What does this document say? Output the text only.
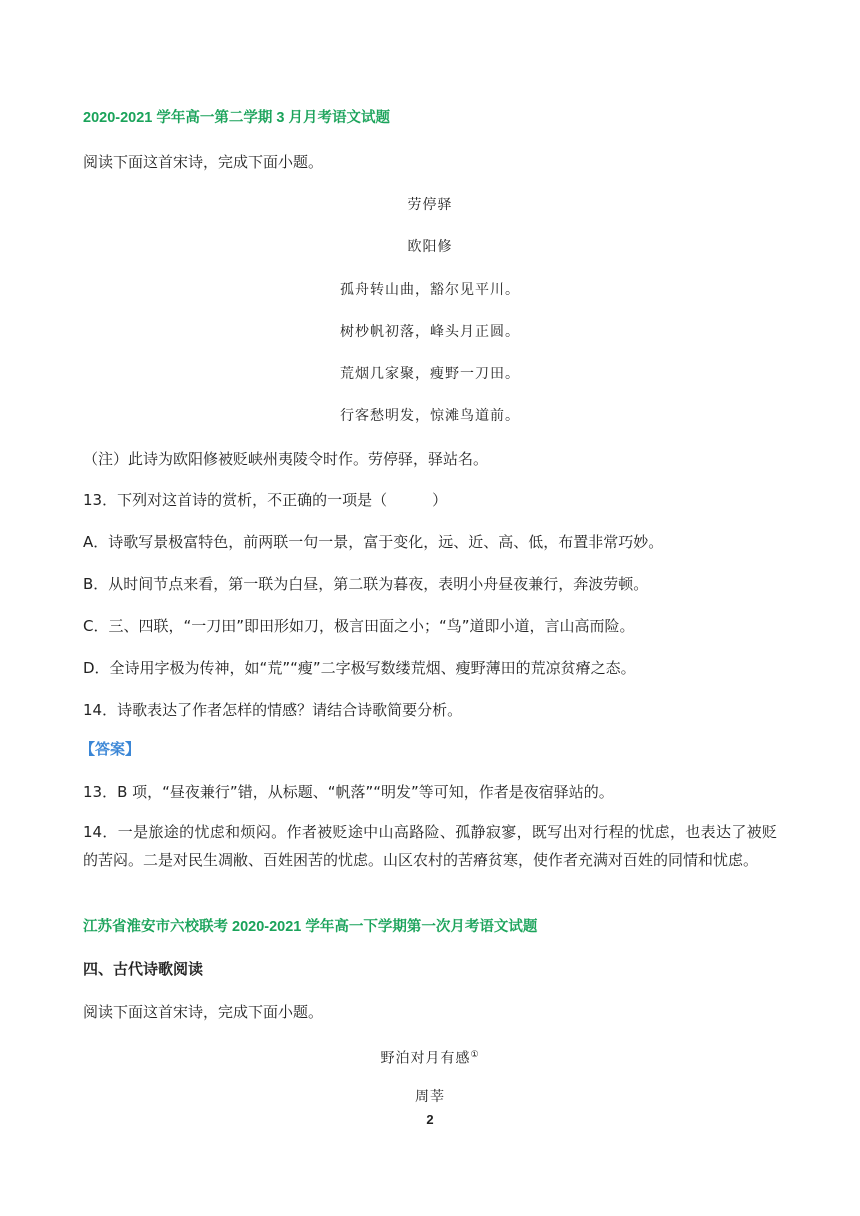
2020-2021 学年高一第二学期 3 月月考语文试题
阅读下面这首宋诗，完成下面小题。
劳停驿
欧阳修
孤舟转山曲，豁尔见平川。
树杪帆初落，峰头月正圆。
荒烟几家聚，瘦野一刀田。
行客愁明发，惊滩鸟道前。
（注）此诗为欧阳修被贬峡州夷陵令时作。劳停驿，驿站名。
13．下列对这首诗的赏析，不正确的一项是（　　　）
A．诗歌写景极富特色，前两联一句一景，富于变化，远、近、高、低，布置非常巧妙。
B．从时间节点来看，第一联为白昼，第二联为暮夜，表明小舟昼夜兼行，奔波劳顿。
C．三、四联，“一刀田”即田形如刀，极言田面之小；“鸟”道即小道，言山高而险。
D．全诗用字极为传神，如“荒”“瘦”二字极写数缕荒烟、瘦野薄田的荒凉贫瘠之态。
14．诗歌表达了作者怎样的情感？请结合诗歌简要分析。
【答案】
13．B 项，“昼夜兼行”错，从标题、“帆落”“明发”等可知，作者是夜宿驿站的。
14．一是旅途的忧虑和烦闷。作者被贬途中山高路险、孤静寂寥，既写出对行程的忧虑，也表达了被贬的苦闷。二是对民生凋敝、百姓困苦的忧虑。山区农村的苦瘠贫寒，使作者充满对百姓的同情和忧虑。
江苏省淮安市六校联考 2020-2021 学年高一下学期第一次月考语文试题
四、古代诗歌阅读
阅读下面这首宋诗，完成下面小题。
野泊对月有感①
周莘
2
